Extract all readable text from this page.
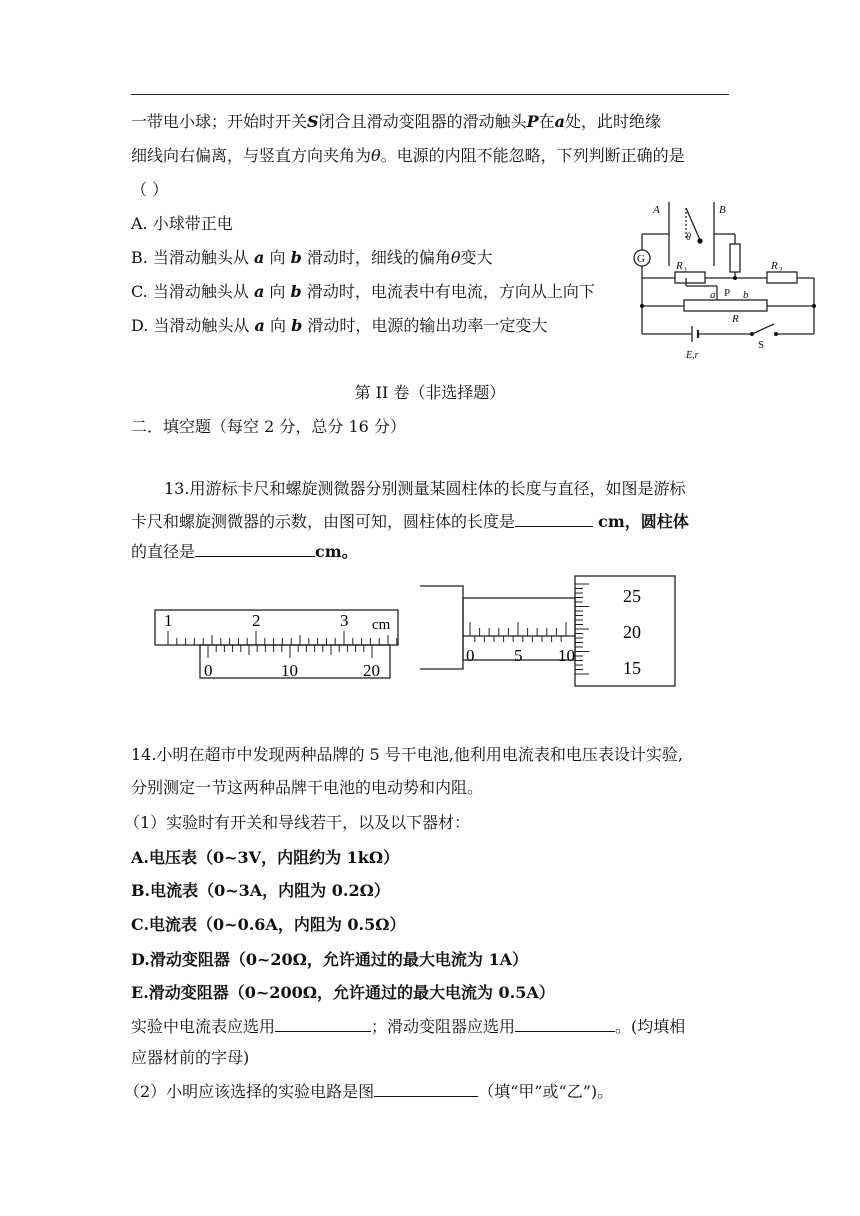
一带电小球；开始时开关S闭合且滑动变阻器的滑动触头P在a处，此时绝缘
细线向右偏离，与竖直方向夹角为θ。电源的内阻不能忽略，下列判断正确的是
（ ）
A. 小球带正电
B. 当滑动触头从 a 向 b 滑动时，细线的偏角θ变大
C. 当滑动触头从 a 向 b 滑动时，电流表中有电流，方向从上向下
D. 当滑动触头从 a 向 b 滑动时，电源的输出功率一定变大
A	B
G
θ
R 1	R 2
a P b
R
S
E,r
第 II 卷（非选择题）
二．填空题（每空 2 分，总分 16 分）
13.用游标卡尺和螺旋测微器分别测量某圆柱体的长度与直径，如图是游标
卡尺和螺旋测微器的示数，由图可知，圆柱体的长度是	cm，圆柱体
的直径是	cm。
1	2	3 cm
0	10	20
0 5 10
25
20
15
14.小明在超市中发现两种品牌的 5 号干电池,他利用电流表和电压表设计实验,
分别测定一节这两种品牌干电池的电动势和内阻。
（1）实验时有开关和导线若干，以及以下器材：
A.电压表（0~3V，内阻约为 1kΩ）
B.电流表（0~3A，内阻为 0.2Ω）
C.电流表（0~0.6A，内阻为 0.5Ω）
D.滑动变阻器（0~20Ω，允许通过的最大电流为 1A）
E.滑动变阻器（0~200Ω，允许通过的最大电流为 0.5A）
实验中电流表应选用	；滑动变阻器应选用	。(均填相
应器材前的字母)
（2）小明应该选择的实验电路是图	（填“甲”或“乙”)。
